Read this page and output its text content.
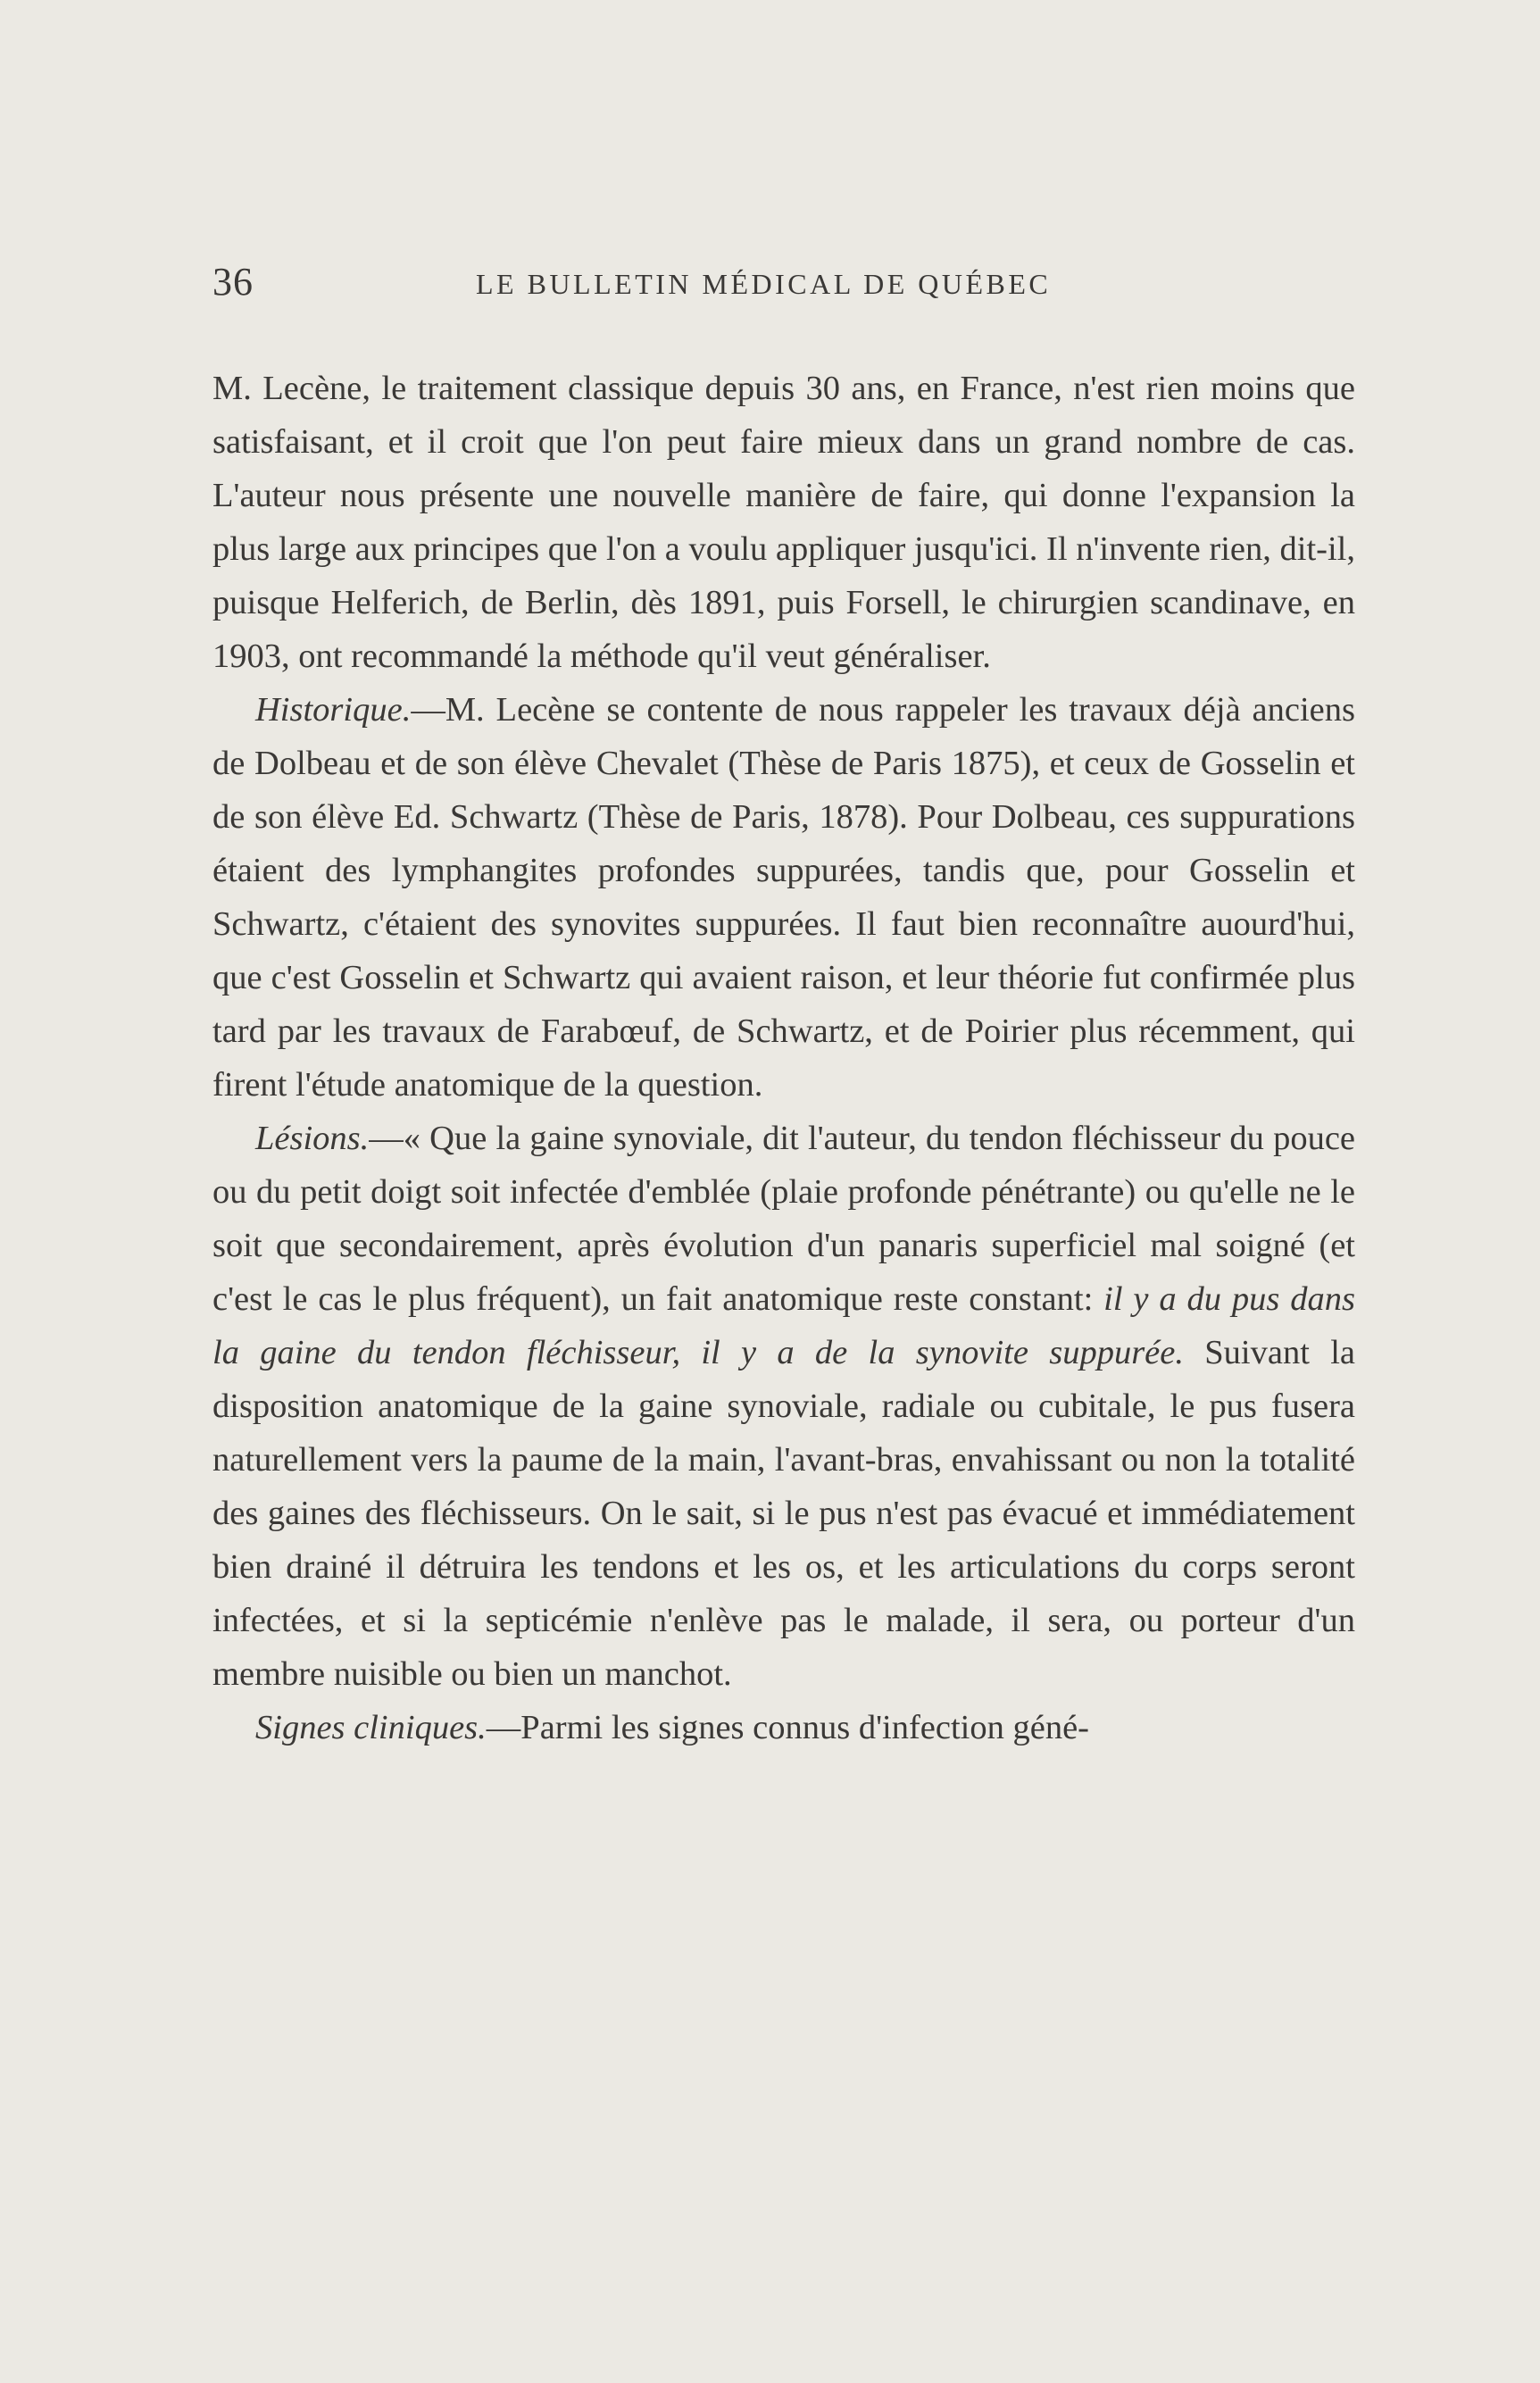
36	LE BULLETIN MÉDICAL DE QUÉBEC

M. Lecène, le traitement classique depuis 30 ans, en France, n'est rien moins que satisfaisant, et il croit que l'on peut faire mieux dans un grand nombre de cas. L'auteur nous présente une nouvelle manière de faire, qui donne l'expansion la plus large aux principes que l'on a voulu appliquer jusqu'ici. Il n'invente rien, dit-il, puisque Helferich, de Berlin, dès 1891, puis Forsell, le chirurgien scandinave, en 1903, ont recommandé la méthode qu'il veut généraliser.

Historique.—M. Lecène se contente de nous rappeler les travaux déjà anciens de Dolbeau et de son élève Chevalet (Thèse de Paris 1875), et ceux de Gosselin et de son élève Ed. Schwartz (Thèse de Paris, 1878). Pour Dolbeau, ces suppurations étaient des lymphangites profondes suppurées, tandis que, pour Gosselin et Schwartz, c'étaient des synovites suppurées. Il faut bien reconnaître auourd'hui, que c'est Gosselin et Schwartz qui avaient raison, et leur théorie fut confirmée plus tard par les travaux de Farabœuf, de Schwartz, et de Poirier plus récemment, qui firent l'étude anatomique de la question.

Lésions.—« Que la gaine synoviale, dit l'auteur, du tendon fléchisseur du pouce ou du petit doigt soit infectée d'emblée (plaie profonde pénétrante) ou qu'elle ne le soit que secondairement, après évolution d'un panaris superficiel mal soigné (et c'est le cas le plus fréquent), un fait anatomique reste constant: il y a du pus dans la gaine du tendon fléchisseur, il y a de la synovite suppurée. Suivant la disposition anatomique de la gaine synoviale, radiale ou cubitale, le pus fusera naturellement vers la paume de la main, l'avant-bras, envahissant ou non la totalité des gaines des fléchisseurs. On le sait, si le pus n'est pas évacué et immédiatement bien drainé il détruira les tendons et les os, et les articulations du corps seront infectées, et si la septicémie n'enlève pas le malade, il sera, ou porteur d'un membre nuisible ou bien un manchot.

Signes cliniques.—Parmi les signes connus d'infection géné-
